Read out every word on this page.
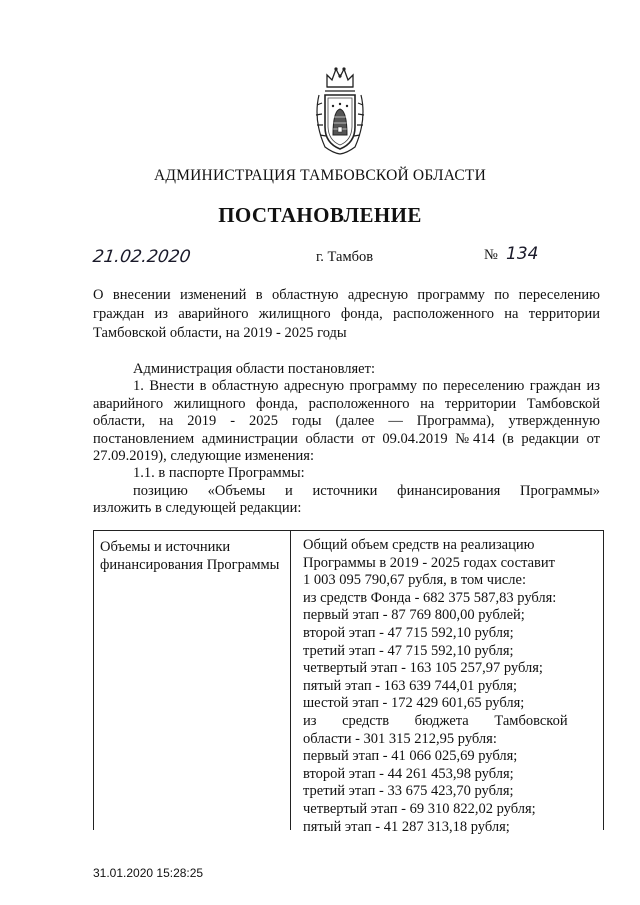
АДМИНИСТРАЦИЯ ТАМБОВСКОЙ ОБЛАСТИ
ПОСТАНОВЛЕНИЕ
21.02.2020	г. Тамбов	№ 134
О внесении изменений в областную адресную программу по переселению граждан из аварийного жилищного фонда, расположенного на территории Тамбовской области, на 2019 - 2025 годы

Администрация области постановляет:

1. Внести в областную адресную программу по переселению граждан из аварийного жилищного фонда, расположенного на территории Тамбовской области, на 2019 - 2025 годы (далее — Программа), утвержденную постановлением администрации области от 09.04.2019 №414 (в редакции от 27.09.2019), следующие изменения:

1.1. в паспорте Программы:

позицию «Объемы и источники финансирования Программы»

изложить в следующей редакции:

Объемы и источники финансирования Программы
Общий объем средств на реализацию
Программы в 2019 - 2025 годах составит
1 003 095 790,67 рубля, в том числе:
из средств Фонда - 682 375 587,83 рубля:
первый этап - 87 769 800,00 рублей;
второй этап - 47 715 592,10 рубля;
третий этап - 47 715 592,10 рубля;
четвертый этап - 163 105 257,97 рубля;
пятый этап - 163 639 744,01 рубля;
шестой этап - 172 429 601,65 рубля;
из средств бюджета Тамбовской
области - 301 315 212,95 рубля:
первый этап - 41 066 025,69 рубля;
второй этап - 44 261 453,98 рубля;
третий этап - 33 675 423,70 рубля;
четвертый этап - 69 310 822,02 рубля;
пятый этап - 41 287 313,18 рубля;
31.01.2020 15:28:25
